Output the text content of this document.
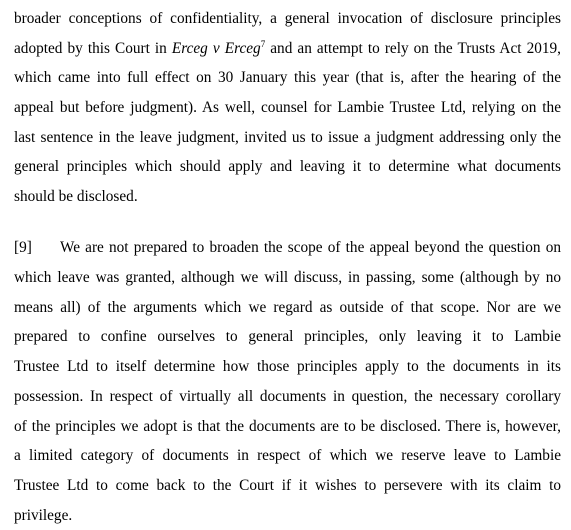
broader conceptions of confidentiality, a general invocation of disclosure principles
adopted by this Court in Erceg v Erceg$^7$ and an attempt to rely on the Trusts Act 2019,
which came into full effect on 30 January this year (that is, after the hearing of the
appeal but before judgment). As well, counsel for Lambie Trustee Ltd, relying on the
last sentence in the leave judgment, invited us to issue a judgment addressing only the
general principles which should apply and leaving it to determine what documents
should be disclosed.
[9]	We are not prepared to broaden the scope of the appeal beyond the question on
which leave was granted, although we will discuss, in passing, some (although by no
means all) of the arguments which we regard as outside of that scope. Nor are we
prepared to confine ourselves to general principles, only leaving it to Lambie
Trustee Ltd to itself determine how those principles apply to the documents in its
possession. In respect of virtually all documents in question, the necessary corollary
of the principles we adopt is that the documents are to be disclosed. There is, however,
a limited category of documents in respect of which we reserve leave to Lambie
Trustee Ltd to come back to the Court if it wishes to persevere with its claim to
privilege.
